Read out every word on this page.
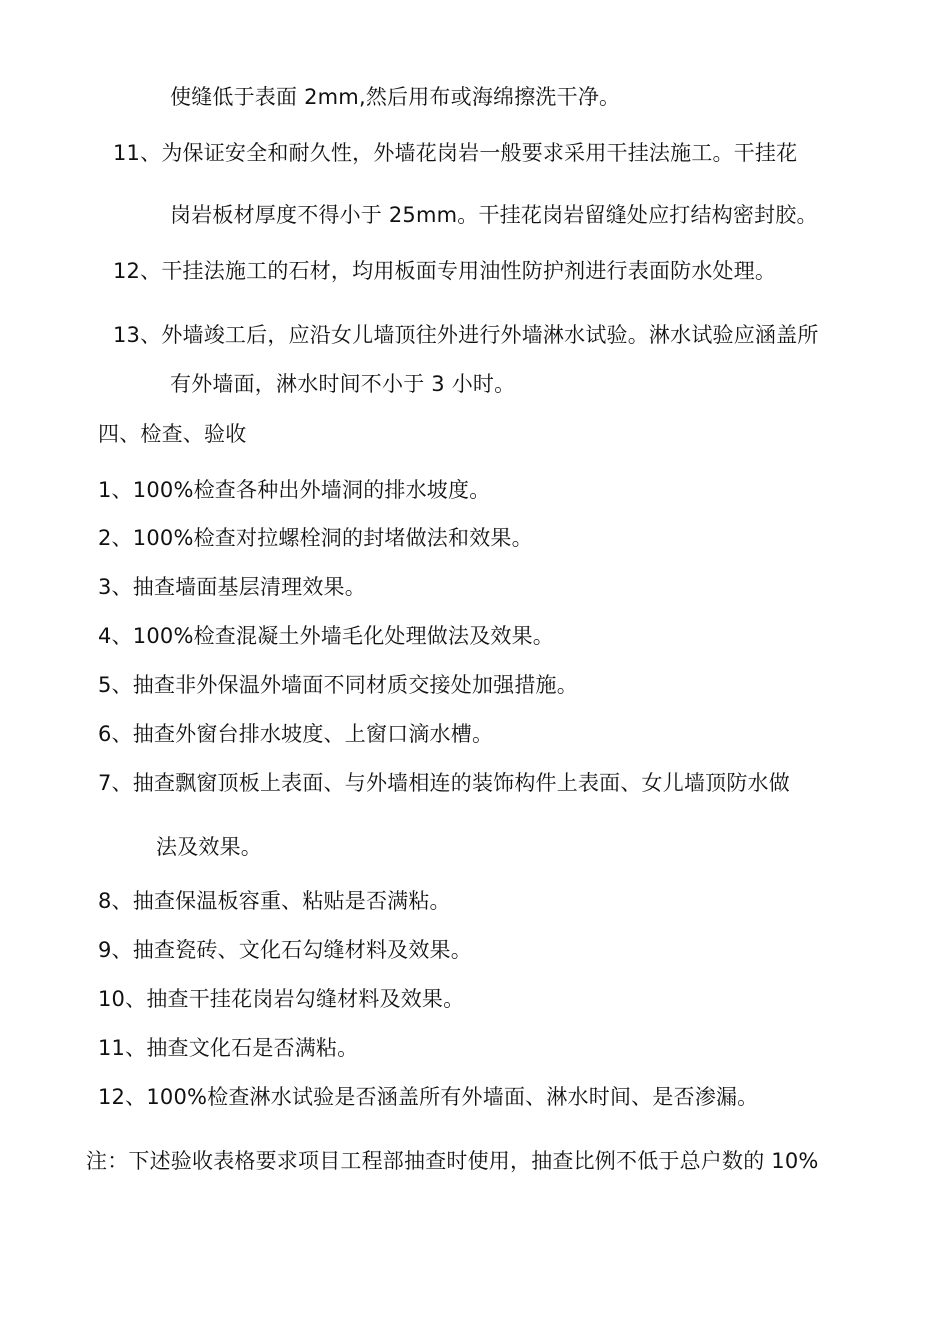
使缝低于表面 2mm,然后用布或海绵擦洗干净。
11、为保证安全和耐久性，外墙花岗岩一般要求采用干挂法施工。干挂花
岗岩板材厚度不得小于 25mm。干挂花岗岩留缝处应打结构密封胶。
12、干挂法施工的石材，均用板面专用油性防护剂进行表面防水处理。
13、外墙竣工后，应沿女儿墙顶往外进行外墙淋水试验。淋水试验应涵盖所
有外墙面，淋水时间不小于 3 小时。
四、检查、验收
1、100%检查各种出外墙洞的排水坡度。
2、100%检查对拉螺栓洞的封堵做法和效果。
3、抽查墙面基层清理效果。
4、100%检查混凝土外墙毛化处理做法及效果。
5、抽查非外保温外墙面不同材质交接处加强措施。
6、抽查外窗台排水坡度、上窗口滴水槽。
7、抽查飘窗顶板上表面、与外墙相连的装饰构件上表面、女儿墙顶防水做
法及效果。
8、抽查保温板容重、粘贴是否满粘。
9、抽查瓷砖、文化石勾缝材料及效果。
10、抽查干挂花岗岩勾缝材料及效果。
11、抽查文化石是否满粘。
12、100%检查淋水试验是否涵盖所有外墙面、淋水时间、是否渗漏。
注：下述验收表格要求项目工程部抽查时使用，抽查比例不低于总户数的 10%
